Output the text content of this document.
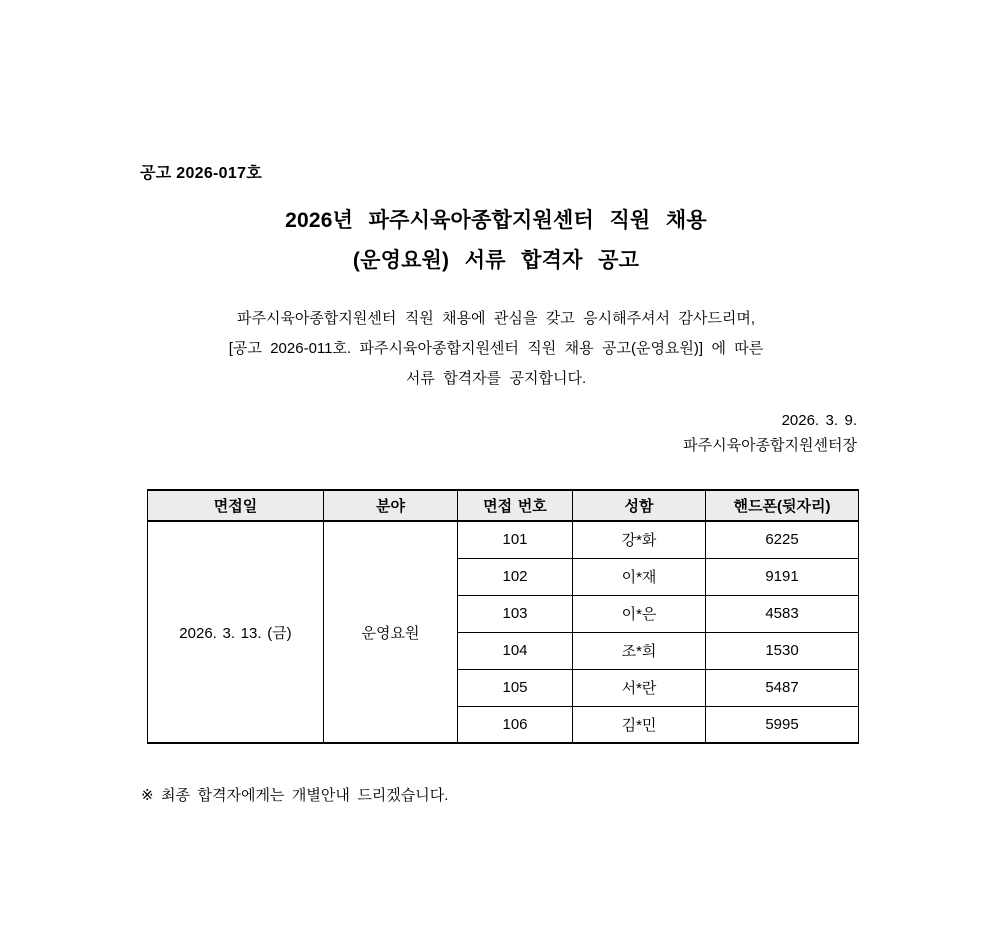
공고 2026-017호
2026년 파주시육아종합지원센터 직원 채용
(운영요원) 서류 합격자 공고
파주시육아종합지원센터 직원 채용에 관심을 갖고 응시해주셔서 감사드리며,
[공고 2026-011호. 파주시육아종합지원센터 직원 채용 공고(운영요원)] 에 따른
서류 합격자를 공지합니다.
2026. 3. 9.
파주시육아종합지원센터장
면접일	분야	면접 번호	성함	핸드폰(뒷자리)
2026. 3. 13. (금)	운영요원	101	강*화	6225
		102	이*재	9191
		103	이*은	4583
		104	조*희	1530
		105	서*란	5487
		106	김*민	5995
※ 최종 합격자에게는 개별안내 드리겠습니다.
